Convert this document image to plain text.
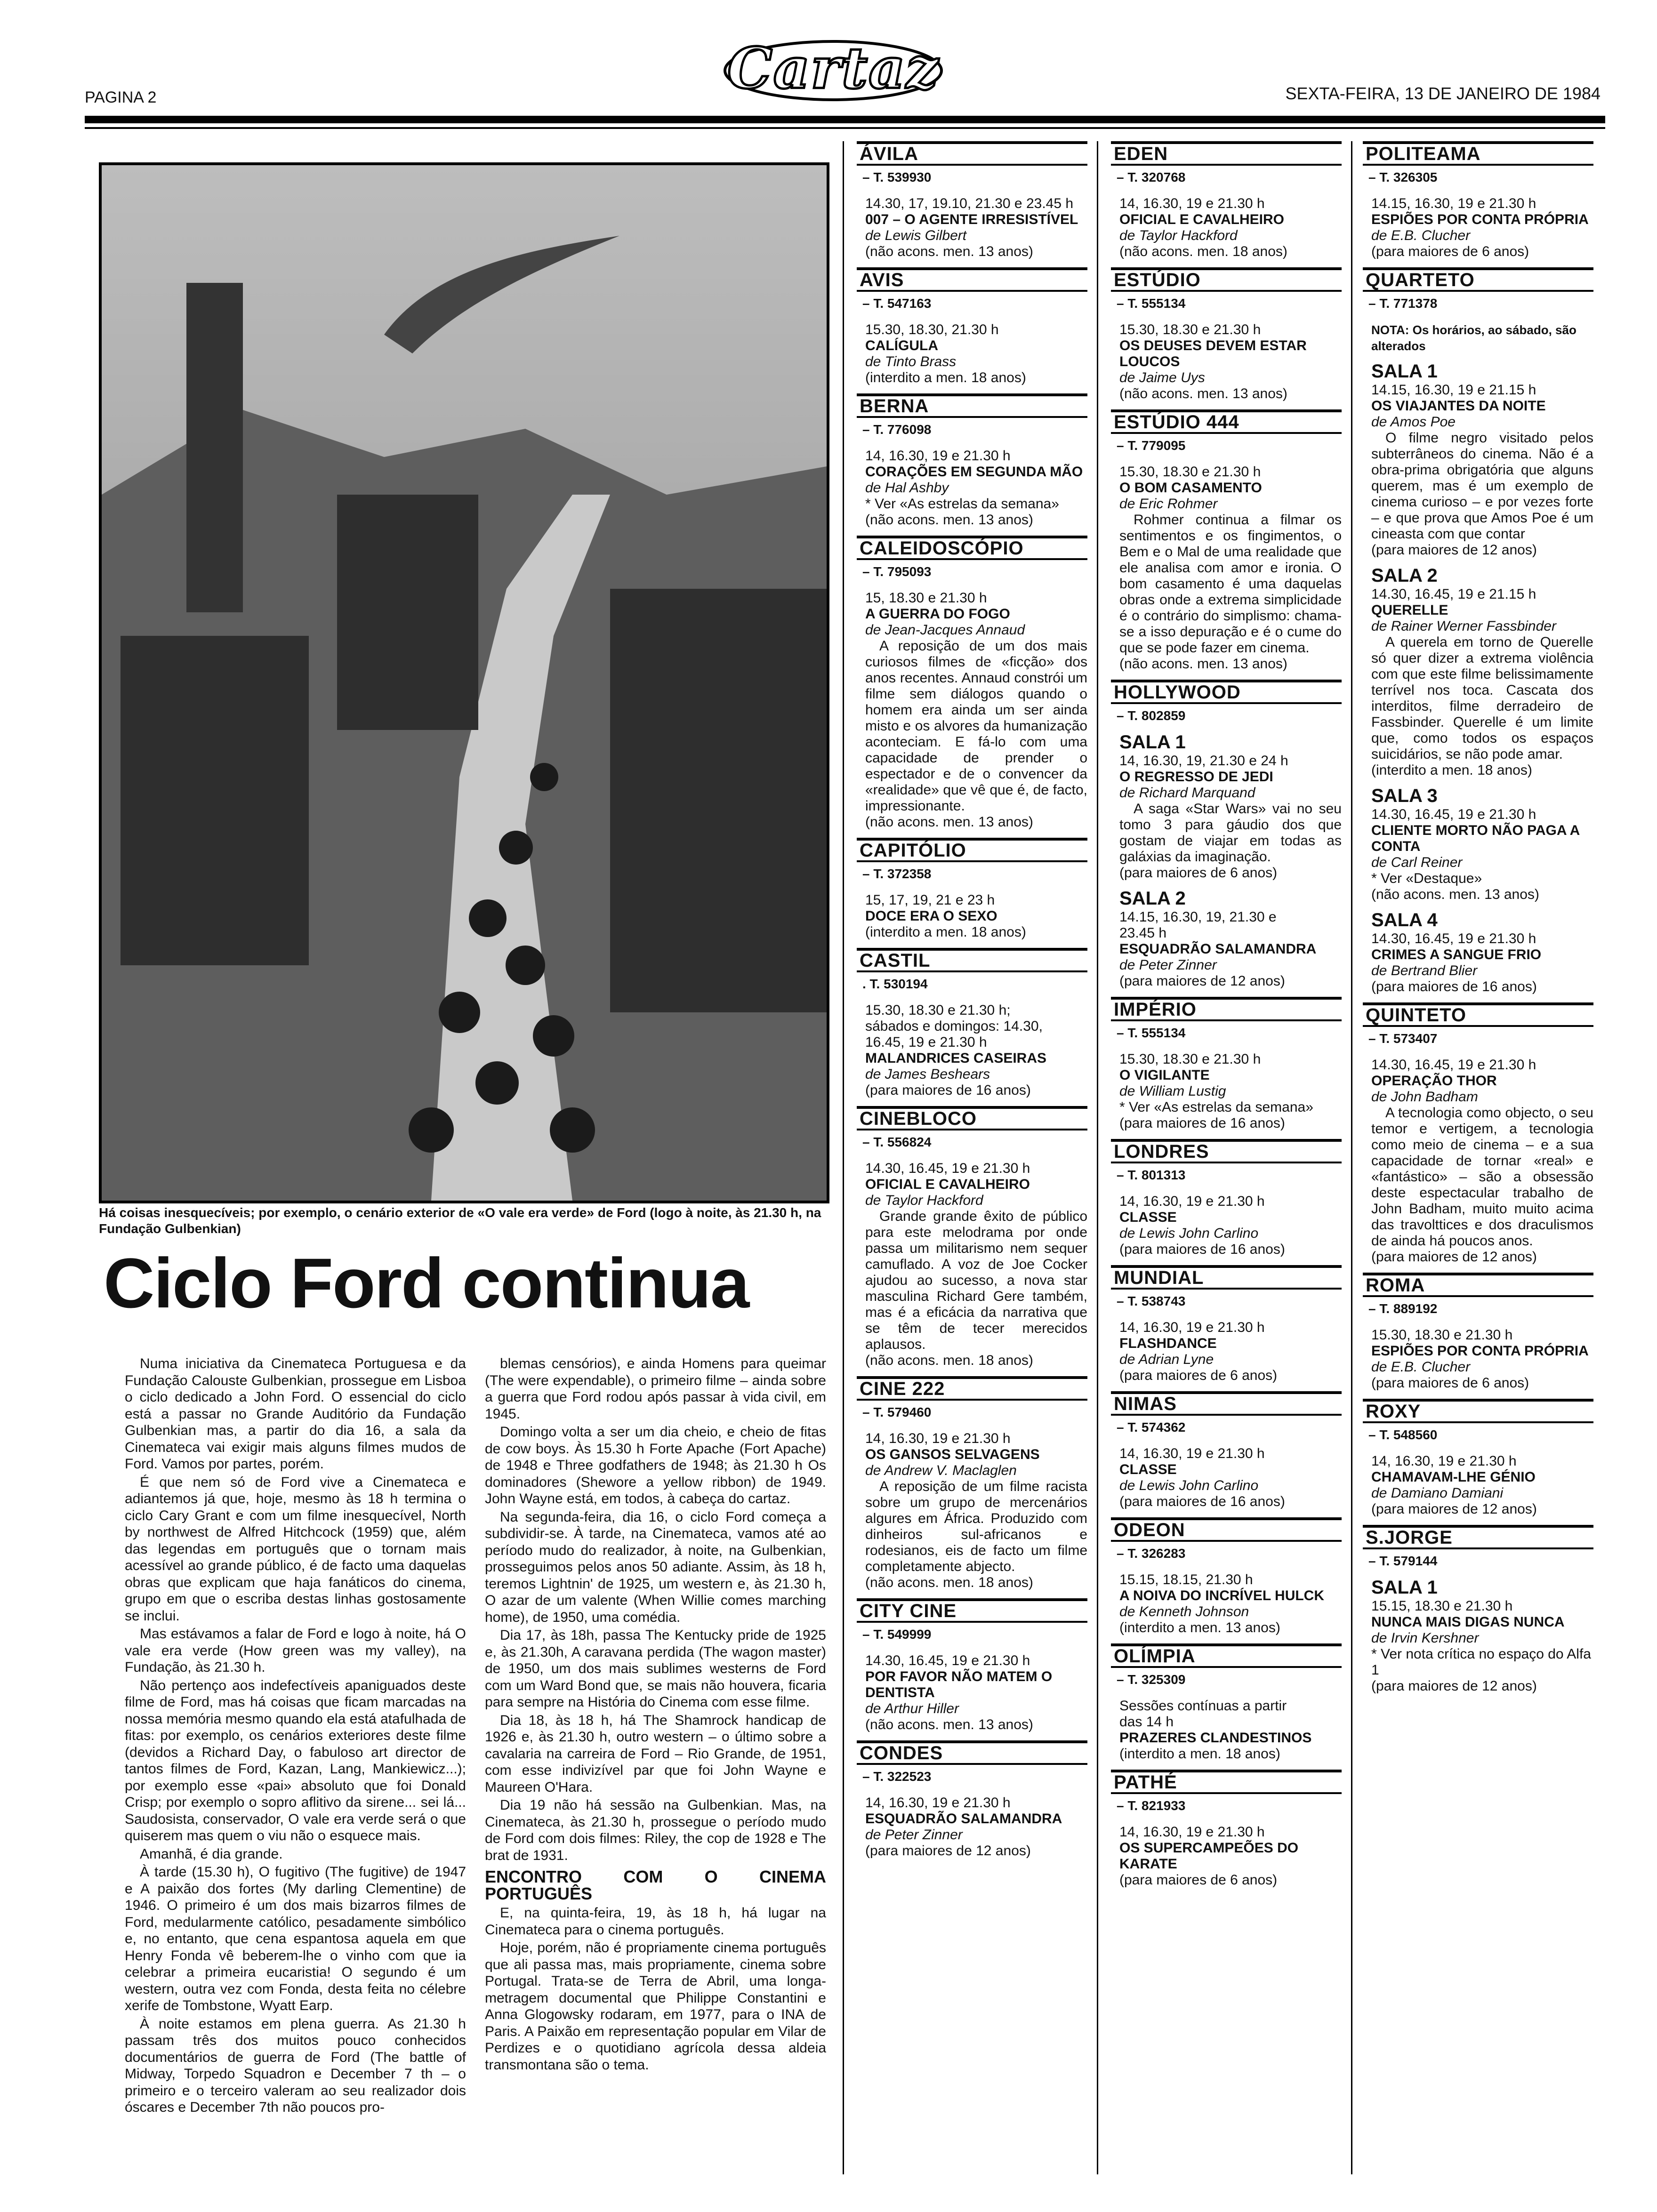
PAGINA 2	Cartaz	SEXTA-FEIRA, 13 DE JANEIRO DE 1984
Há coisas inesquecíveis; por exemplo, o cenário exterior de «O vale era verde» de Ford (logo à noite, às 21.30 h, na Fundação Gulbenkian)
Ciclo Ford continua

Numa iniciativa da Cinemateca Portuguesa e da Fundação Calouste Gulbenkian, prossegue em Lisboa o ciclo dedicado a John Ford. O essencial do ciclo está a passar no Grande Auditório da Fundação Gulbenkian mas, a partir do dia 16, a sala da Cinemateca vai exigir mais alguns filmes mudos de Ford. Vamos por partes, porém.

É que nem só de Ford vive a Cinemateca e adiantemos já que, hoje, mesmo às 18 h termina o ciclo Cary Grant e com um filme inesquecível, North by northwest de Alfred Hitchcock (1959) que, além das legendas em português que o tornam mais acessível ao grande público, é de facto uma daquelas obras que explicam que haja fanáticos do cinema, grupo em que o escriba destas linhas gostosamente se inclui.

Mas estávamos a falar de Ford e logo à noite, há O vale era verde (How green was my valley), na Fundação, às 21.30 h.

Não pertenço aos indefectíveis apaniguados deste filme de Ford, mas há coisas que ficam marcadas na nossa memória mesmo quando ela está atafulhada de fitas: por exemplo, os cenários exteriores deste filme (devidos a Richard Day, o fabuloso art director de tantos filmes de Ford, Kazan, Lang, Mankiewicz...); por exemplo esse «pai» absoluto que foi Donald Crisp; por exemplo o sopro aflitivo da sirene... sei lá... Saudosista, conservador, O vale era verde será o que quiserem mas quem o viu não o esquece mais.

Amanhã, é dia grande.

À tarde (15.30 h), O fugitivo (The fugitive) de 1947 e A paixão dos fortes (My darling Clementine) de 1946. O primeiro é um dos mais bizarros filmes de Ford, medularmente católico, pesadamente simbólico e, no entanto, que cena espantosa aquela em que Henry Fonda vê beberem-lhe o vinho com que ia celebrar a primeira eucaristia! O segundo é um western, outra vez com Fonda, desta feita no célebre xerife de Tombstone, Wyatt Earp.

À noite estamos em plena guerra. As 21.30 h passam três dos muitos pouco conhecidos documentários de guerra de Ford (The battle of Midway, Torpedo Squadron e December 7 th – o primeiro e o terceiro valeram ao seu realizador dois óscares e December 7th não poucos pro-

blemas censórios), e ainda Homens para queimar (The were expendable), o primeiro filme – ainda sobre a guerra que Ford rodou após passar à vida civil, em 1945.

Domingo volta a ser um dia cheio, e cheio de fitas de cow boys. Às 15.30 h Forte Apache (Fort Apache) de 1948 e Three godfathers de 1948; às 21.30 h Os dominadores (Shewore a yellow ribbon) de 1949. John Wayne está, em todos, à cabeça do cartaz.

Na segunda-feira, dia 16, o ciclo Ford começa a subdividir-se. À tarde, na Cinemateca, vamos até ao período mudo do realizador, à noite, na Gulbenkian, prosseguimos pelos anos 50 adiante. Assim, às 18 h, teremos Lightnin' de 1925, um western e, às 21.30 h, O azar de um valente (When Willie comes marching home), de 1950, uma comédia.

Dia 17, às 18h, passa The Kentucky pride de 1925 e, às 21.30h, A caravana perdida (The wagon master) de 1950, um dos mais sublimes westerns de Ford com um Ward Bond que, se mais não houvera, ficaria para sempre na História do Cinema com esse filme.

Dia 18, às 18 h, há The Shamrock handicap de 1926 e, às 21.30 h, outro western – o último sobre a cavalaria na carreira de Ford – Rio Grande, de 1951, com esse indivizível par que foi John Wayne e Maureen O'Hara.

Dia 19 não há sessão na Gulbenkian. Mas, na Cinemateca, às 21.30 h, prossegue o período mudo de Ford com dois filmes: Riley, the cop de 1928 e The brat de 1931.

ENCONTRO COM O CINEMA PORTUGUÊS

E, na quinta-feira, 19, às 18 h, há lugar na Cinemateca para o cinema português.

Hoje, porém, não é propriamente cinema português que ali passa mas, mais propriamente, cinema sobre Portugal. Trata-se de Terra de Abril, uma longa-metragem documental que Philippe Constantini e Anna Glogowsky rodaram, em 1977, para o INA de Paris. A Paixão em representação popular em Vilar de Perdizes e o quotidiano agrícola dessa aldeia transmontana são o tema.

ÁVILA
– T. 539930
14.30, 17, 19.10, 21.30 e 23.45 h
007 – O AGENTE IRRESISTÍVEL
de Lewis Gilbert
(não acons. men. 13 anos)
AVIS
– T. 547163
15.30, 18.30, 21.30 h
CALÍGULA
de Tinto Brass
(interdito a men. 18 anos)
BERNA
– T. 776098
14, 16.30, 19 e 21.30 h
CORAÇÕES EM SEGUNDA MÃO
de Hal Ashby
* Ver «As estrelas da semana»
(não acons. men. 13 anos)
CALEIDOSCÓPIO
– T. 795093
15, 18.30 e 21.30 h
A GUERRA DO FOGO
de Jean-Jacques Annaud
A reposição de um dos mais curiosos filmes de «ficção» dos anos recentes. Annaud constrói um filme sem diálogos quando o homem era ainda um ser ainda misto e os alvores da humanização aconteciam. E fá-lo com uma capacidade de prender o espectador e de o convencer da «realidade» que vê que é, de facto, impressionante.
(não acons. men. 13 anos)
CAPITÓLIO
– T. 372358
15, 17, 19, 21 e 23 h
DOCE ERA O SEXO
(interdito a men. 18 anos)
CASTIL
. T. 530194
15.30, 18.30 e 21.30 h;
sábados e domingos: 14.30,
16.45, 19 e 21.30 h
MALANDRICES CASEIRAS
de James Beshears
(para maiores de 16 anos)
CINEBLOCO
– T. 556824
14.30, 16.45, 19 e 21.30 h
OFICIAL E CAVALHEIRO
de Taylor Hackford
Grande grande êxito de público para este melodrama por onde passa um militarismo nem sequer camuflado. A voz de Joe Cocker ajudou ao sucesso, a nova star masculina Richard Gere também, mas é a eficácia da narrativa que se têm de tecer merecidos aplausos.
(não acons. men. 18 anos)
CINE 222
– T. 579460
14, 16.30, 19 e 21.30 h
OS GANSOS SELVAGENS
de Andrew V. Maclaglen
A reposição de um filme racista sobre um grupo de mercenários algures em África. Produzido com dinheiros sul-africanos e rodesianos, eis de facto um filme completamente abjecto.
(não acons. men. 18 anos)
CITY CINE
– T. 549999
14.30, 16.45, 19 e 21.30 h
POR FAVOR NÃO MATEM O DENTISTA
de Arthur Hiller
(não acons. men. 13 anos)
CONDES
– T. 322523
14, 16.30, 19 e 21.30 h
ESQUADRÃO SALAMANDRA
de Peter Zinner
(para maiores de 12 anos)
EDEN
– T. 320768
14, 16.30, 19 e 21.30 h
OFICIAL E CAVALHEIRO
de Taylor Hackford
(não acons. men. 18 anos)
ESTÚDIO
– T. 555134
15.30, 18.30 e 21.30 h
OS DEUSES DEVEM ESTAR LOUCOS
de Jaime Uys
(não acons. men. 13 anos)
ESTÚDIO 444
– T. 779095
15.30, 18.30 e 21.30 h
O BOM CASAMENTO
de Eric Rohmer
Rohmer continua a filmar os sentimentos e os fingimentos, o Bem e o Mal de uma realidade que ele analisa com amor e ironia. O bom casamento é uma daquelas obras onde a extrema simplicidade é o contrário do simplismo: chama-se a isso depuração e é o cume do que se pode fazer em cinema.
(não acons. men. 13 anos)
HOLLYWOOD
– T. 802859
SALA 1
14, 16.30, 19, 21.30 e 24 h
O REGRESSO DE JEDI
de Richard Marquand
A saga «Star Wars» vai no seu tomo 3 para gáudio dos que gostam de viajar em todas as galáxias da imaginação.
(para maiores de 6 anos)
SALA 2
14.15, 16.30, 19, 21.30 e
23.45 h
ESQUADRÃO SALAMANDRA
de Peter Zinner
(para maiores de 12 anos)
IMPÉRIO
– T. 555134
15.30, 18.30 e 21.30 h
O VIGILANTE
de William Lustig
* Ver «As estrelas da semana»
(para maiores de 16 anos)
LONDRES
– T. 801313
14, 16.30, 19 e 21.30 h
CLASSE
de Lewis John Carlino
(para maiores de 16 anos)
MUNDIAL
– T. 538743
14, 16.30, 19 e 21.30 h
FLASHDANCE
de Adrian Lyne
(para maiores de 6 anos)
NIMAS
– T. 574362
14, 16.30, 19 e 21.30 h
CLASSE
de Lewis John Carlino
(para maiores de 16 anos)
ODEON
– T. 326283
15.15, 18.15, 21.30 h
A NOIVA DO INCRÍVEL HULCK
de Kenneth Johnson
(interdito a men. 13 anos)
OLÍMPIA
– T. 325309
Sessões contínuas a partir
das 14 h
PRAZERES CLANDESTINOS
(interdito a men. 18 anos)
PATHÉ
– T. 821933
14, 16.30, 19 e 21.30 h
OS SUPERCAMPEÕES DO KARATE
(para maiores de 6 anos)
POLITEAMA
– T. 326305
14.15, 16.30, 19 e 21.30 h
ESPIÕES POR CONTA PRÓPRIA
de E.B. Clucher
(para maiores de 6 anos)
QUARTETO
– T. 771378
NOTA: Os horários, ao sábado, são alterados
SALA 1
14.15, 16.30, 19 e 21.15 h
OS VIAJANTES DA NOITE
de Amos Poe
O filme negro visitado pelos subterrâneos do cinema. Não é a obra-prima obrigatória que alguns querem, mas é um exemplo de cinema curioso – e por vezes forte – e que prova que Amos Poe é um cineasta com que contar
(para maiores de 12 anos)
SALA 2
14.30, 16.45, 19 e 21.15 h
QUERELLE
de Rainer Werner Fassbinder
A querela em torno de Querelle só quer dizer a extrema violência com que este filme belissimamente terrível nos toca. Cascata dos interditos, filme derradeiro de Fassbinder. Querelle é um limite que, como todos os espaços suicidários, se não pode amar.
(interdito a men. 18 anos)
SALA 3
14.30, 16.45, 19 e 21.30 h
CLIENTE MORTO NÃO PAGA A CONTA
de Carl Reiner
* Ver «Destaque»
(não acons. men. 13 anos)
SALA 4
14.30, 16.45, 19 e 21.30 h
CRIMES A SANGUE FRIO
de Bertrand Blier
(para maiores de 16 anos)
QUINTETO
– T. 573407
14.30, 16.45, 19 e 21.30 h
OPERAÇÃO THOR
de John Badham
A tecnologia como objecto, o seu temor e vertigem, a tecnologia como meio de cinema – e a sua capacidade de tornar «real» e «fantástico» – são a obsessão deste espectacular trabalho de John Badham, muito muito acima das travolttices e dos draculismos de ainda há poucos anos.
(para maiores de 12 anos)
ROMA
– T. 889192
15.30, 18.30 e 21.30 h
ESPIÕES POR CONTA PRÓPRIA
de E.B. Clucher
(para maiores de 6 anos)
ROXY
– T. 548560
14, 16.30, 19 e 21.30 h
CHAMAVAM-LHE GÉNIO
de Damiano Damiani
(para maiores de 12 anos)
S.JORGE
– T. 579144
SALA 1
15.15, 18.30 e 21.30 h
NUNCA MAIS DIGAS NUNCA
de Irvin Kershner
* Ver nota crítica no espaço do Alfa 1
(para maiores de 12 anos)
